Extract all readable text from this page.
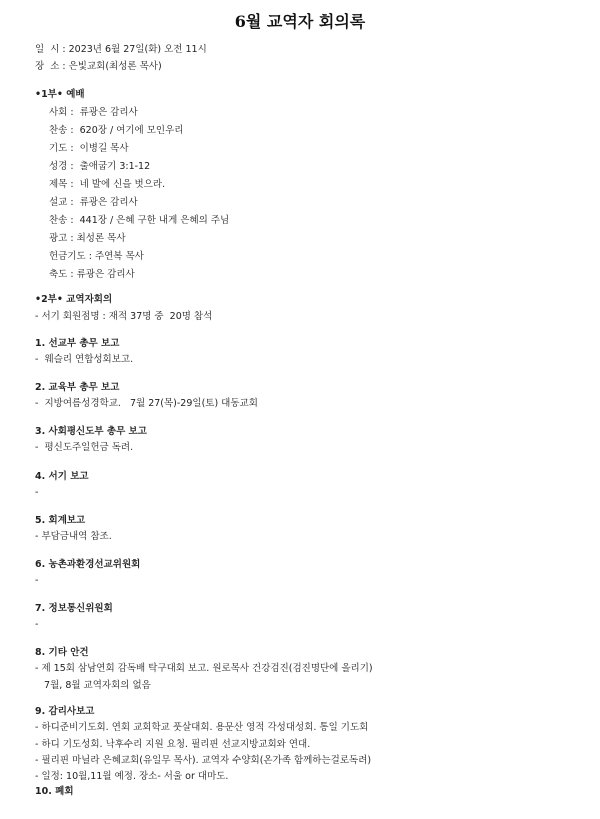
6월 교역자 회의록
일  시 : 2023년 6월 27일(화) 오전 11시
장  소 : 은빛교회(최성론 목사)
•1부• 예배
사회 :  류광은 감리사
찬송 :  620장 / 여기에 모인우리
기도 :  이병길 목사
성경 :  출애굽기 3:1-12
제목 :  네 발에 신을 벗으라.
설교 :  류광은 감리사
찬송 :  441장 / 은혜 구한 내게 은혜의 주님
광고 : 최성론 목사
헌금기도 : 주연복 목사
축도 : 류광은 감리사
•2부• 교역자회의
- 서기 회원점명 : 재적 37명 중  20명 참석
1. 선교부 총무 보고
-  웨슬리 연합성회보고.
2. 교육부 총무 보고
-  지방여름성경학교.   7월 27(목)-29일(토) 대동교회
3. 사회평신도부 총무 보고
-  평신도주일헌금 독려.
4. 서기 보고
-
5. 회계보고
- 부담금내역 참조.
6. 농촌과환경선교위원회
-
7. 정보통신위원회
-
8. 기타 안건
- 제 15회 삼남연회 감독배 탁구대회 보고. 원로목사 건강검진(검진명단에 올리기)
7월, 8월 교역자회의 없음
9. 감리사보고
- 하디준비기도회. 연회 교회학교 풋살대회. 용문산 영적 각성대성회. 통일 기도회
- 하디 기도성회. 낙후수리 지원 요청. 필리핀 선교지방교회와 연대.
- 필리핀 마닐라 은혜교회(유일무 목사). 교역자 수양회(온가족 함께하는걸로독려)
- 일정: 10월,11월 예정. 장소- 서울 or 대마도.
10. 폐회
